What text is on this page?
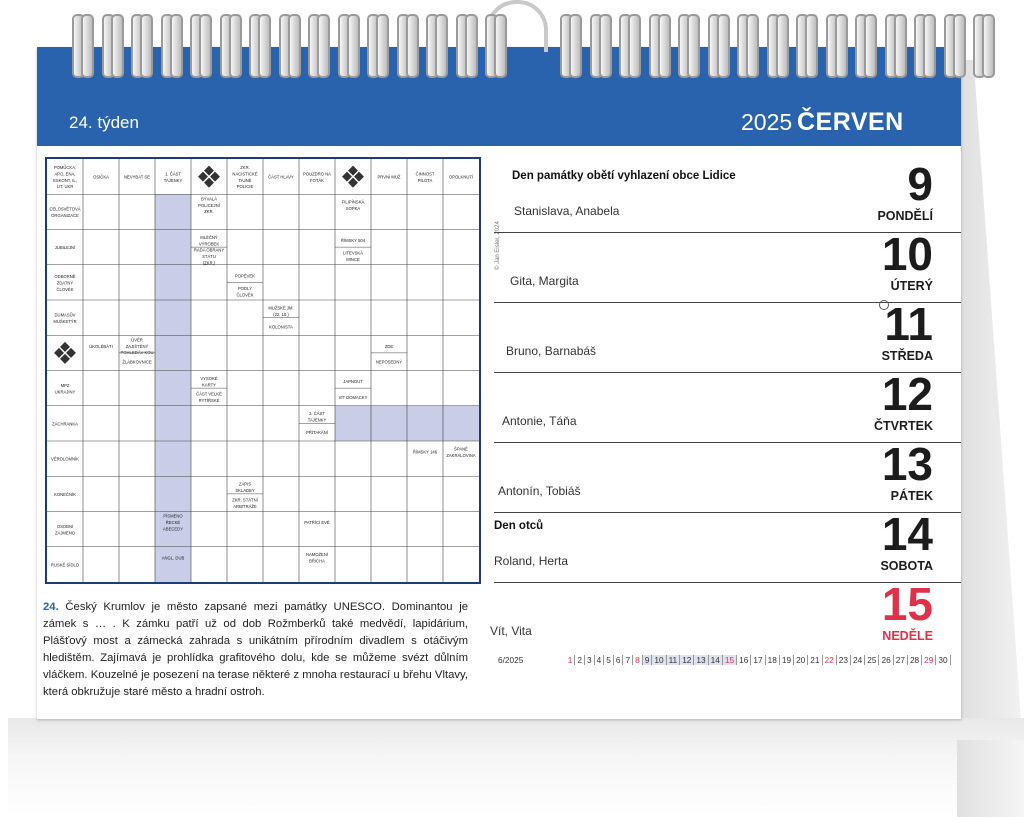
24. týden	2025 ČERVEN
POMŮCKA: APO, ENA, ESKONT, IL, LIT, UKR
OSIČKA	NEVYBAT SE
1. ČÁST TAJENKY
ZKR. NACISTICKÉ TAJNÉ POLICIE
ČÁST HLAVY
POUZDRO NA FOTÁK
PRVNÍ MUŽ
ČINNOST PILOTA
OPOLKNUTÍ
CELOSVĚTOVÁ ORGANIZACE
JUBILEJNÍ
ODBORNĚ ZDATNÝ ČLOVĚK
DUMASŮV MUŠKETÝR
MPZ UKRAJINY
ZÁCHRANKA
VĚROLOMNÍK
KONEČNÍK
OSOBNÍ ZÁJMENO
RUSKÉ SÍDLO
BÝVALÁ POLICEJNÍ ZKR.
FILIPÍNSKÁ SOPKA
MLÉČNÝ VÝROBEK
ŘÍMSKY 504
RADA OBRANY STÁTU (ZKR.)
LITEVSKÁ MINCE
POPÉVEK
PODLÝ ČLOVĚK
MUŽSKÉ JM. (22. 10.)
KOLONISTA
ÚKOLÉBÁTI
ÚVĚR ZAJIŠTĚNÝ POHLEDÁV-KOU
ŽLÁBKOVNICE
ZDE
NEPOSEDNÝ
VYSOKÉ KARTY
JAPNOUT
ČÁST VELKÉ RYTÍŘSKÉ
VÍT DOMACKY
2. ČÁST TAJENKY
PŘÍTAKÁNÍ
ŘÍMSKY 146
ŠPANĚ ZAKRALOVINA
ZÁPIS SKLADBY
ZKR. STÁTNÍ ARBITRÁŽE
PÍSMENO ŘECKÉ ABECEDY
PATŘÍCÍ EVĚ
ANGL. DUB
NAMOŽENÍ BŘICHA
© Jan Eisler, 2024
24. Český Krumlov je město zapsané mezi památky UNESCO. Dominantou je zámek s … . K zámku patří už od dob Rožmberků také medvědí, lapidárium, Plášťový most a zámecká zahrada s unikátním přírodním divadlem s otáčivým hledištěm. Zajímavá je prohlídka grafitového dolu, kde se můžeme svézt důlním vláčkem. Kouzelné je posezení na terase některé z mnoha restaurací u břehu Vltavy, která obkružuje staré město a hradní ostroh.
9
PONDĚLÍ
Stanislava, Anabela
Den památky obětí vyhlazení obce Lidice
10
ÚTERÝ
Gita, Margita
11
STŘEDA
Bruno, Barnabáš
12
ČTVRTEK
Antonie, Táňa
13
PÁTEK
Antonín, Tobiáš
14
SOBOTA
Roland, Herta
Den otců
15
NEDĚLE
Vít, Vita
6/2025	1 2 3 4 5 6 7 8 9 10 11 12 13 14 15 16 17 18 19 20 21 22 23 24 25 26 27 28 29 30
